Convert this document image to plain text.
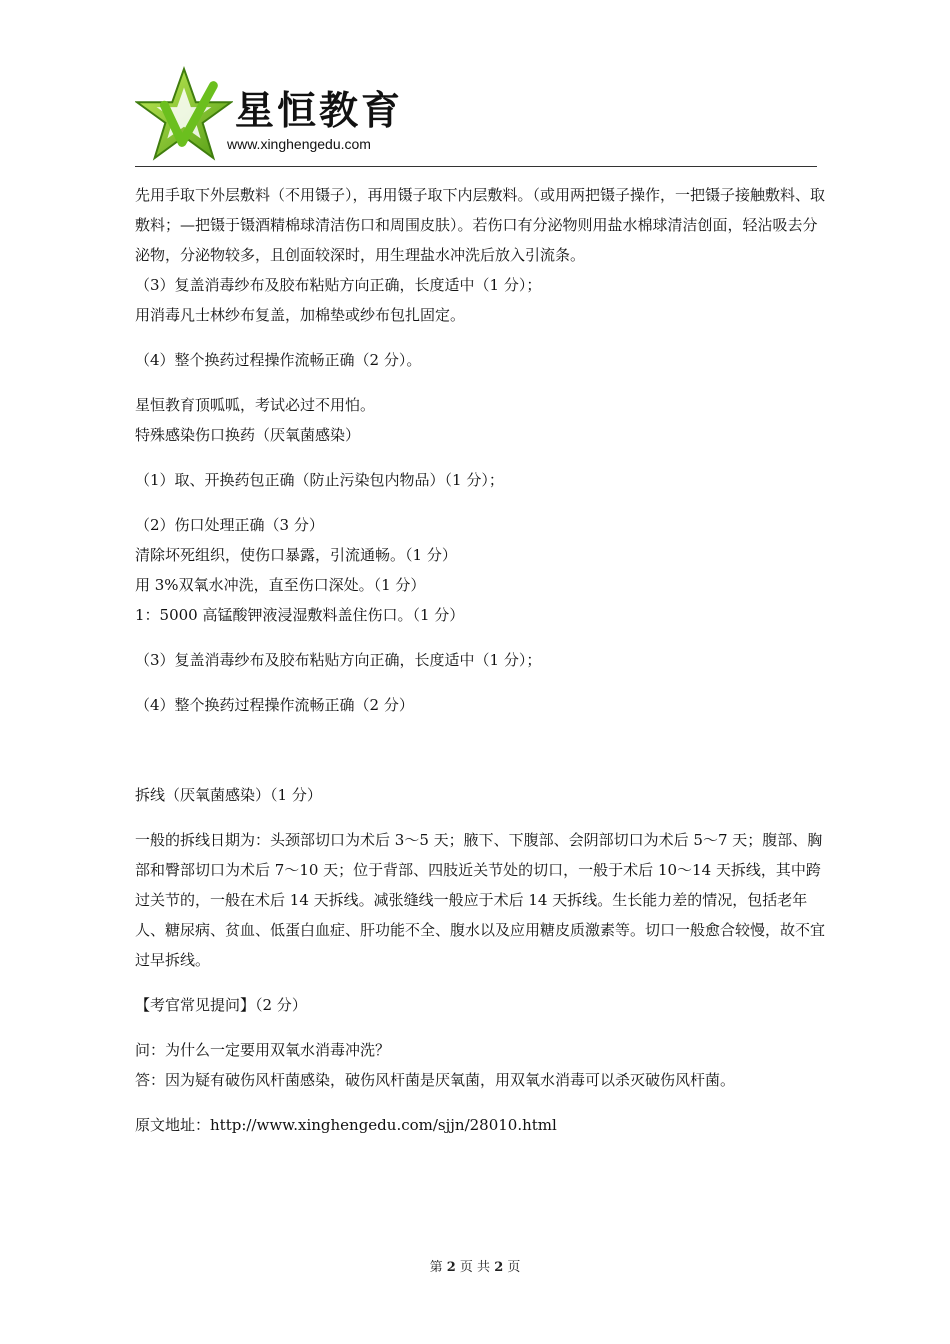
星恒教育
www.xinghengedu.com

先用手取下外层敷料（不用镊子），再用镊子取下内层敷料。（或用两把镊子操作，一把镊子接触敷料、取敷料；—把镊于镊酒精棉球清洁伤口和周围皮肤）。若伤口有分泌物则用盐水棉球清洁创面，轻沾吸去分泌物，分泌物较多，且创面较深时，用生理盐水冲洗后放入引流条。

（3）复盖消毒纱布及胶布粘贴方向正确，长度适中（1 分）；

用消毒凡士林纱布复盖，加棉垫或纱布包扎固定。

（4）整个换药过程操作流畅正确（2 分）。

星恒教育顶呱呱，考试必过不用怕。

特殊感染伤口换药（厌氧菌感染）

（1）取、开换药包正确（防止污染包内物品）（1 分）；

（2）伤口处理正确（3 分）

清除坏死组织，使伤口暴露，引流通畅。（1 分）

用 3%双氧水冲洗，直至伤口深处。（1 分）

1：5000 高锰酸钾液浸湿敷料盖住伤口。（1 分）

（3）复盖消毒纱布及胶布粘贴方向正确，长度适中（1 分）；

（4）整个换药过程操作流畅正确（2 分）

拆线（厌氧菌感染）（1 分）

一般的拆线日期为：头颈部切口为术后 3～5 天；腋下、下腹部、会阴部切口为术后 5～7 天；腹部、胸部和臀部切口为术后 7～10 天；位于背部、四肢近关节处的切口，一般于术后 10～14 天拆线，其中跨过关节的，一般在术后 14 天拆线。减张缝线一般应于术后 14 天拆线。生长能力差的情况，包括老年人、糖尿病、贫血、低蛋白血症、肝功能不全、腹水以及应用糖皮质激素等。切口一般愈合较慢，故不宜过早拆线。

【考官常见提问】（2 分）

问：为什么一定要用双氧水消毒冲洗？

答：因为疑有破伤风杆菌感染，破伤风杆菌是厌氧菌，用双氧水消毒可以杀灭破伤风杆菌。

原文地址：http://www.xinghengedu.com/sjjn/28010.html

第 2 页 共 2 页
